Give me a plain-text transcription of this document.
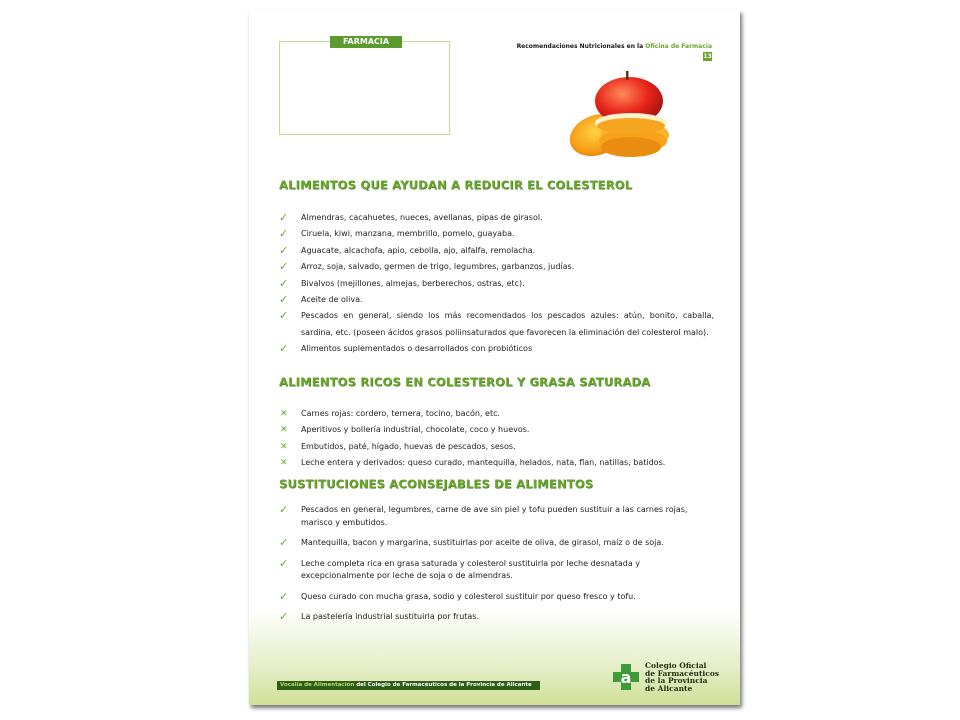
FARMACIA
Recomendaciones Nutricionales en la Oficina de Farmacia
13
ALIMENTOS QUE AYUDAN A REDUCIR EL COLESTEROL
✓ Almendras, cacahuetes, nueces, avellanas, pipas de girasol.
✓ Ciruela, kiwi, manzana, membrillo, pomelo, guayaba.
✓ Aguacate, alcachofa, apio, cebolla, ajo, alfalfa, remolacha.
✓ Arroz, soja, salvado, germen de trigo, legumbres, garbanzos, judías.
✓ Bivalvos (mejillones, almejas, berberechos, ostras, etc).
✓ Aceite de oliva.
✓ Pescados en general, siendo los más recomendados los pescados azules: atún, bonito, caballa, sardina, etc. (poseen ácidos grasos poliinsaturados que favorecen la eliminación del colesterol malo).
✓ Alimentos suplementados o desarrollados con probióticos
ALIMENTOS RICOS EN COLESTEROL Y GRASA SATURADA
✕ Carnes rojas: cordero, ternera, tocino, bacón, etc.
✕ Aperitivos y bollería industrial, chocolate, coco y huevos.
✕ Embutidos, paté, hígado, huevas de pescados, sesos.
✕ Leche entera y derivados: queso curado, mantequilla, helados, nata, flan, natillas, batidos.
SUSTITUCIONES ACONSEJABLES DE ALIMENTOS
✓ Pescados en general, legumbres, carne de ave sin piel y tofu pueden sustituir a las carnes rojas, marisco y embutidos.
✓ Mantequilla, bacon y margarina, sustituirlas por aceite de oliva, de girasol, maíz o de soja.
✓ Leche completa rica en grasa saturada y colesterol sustituirla por leche desnatada y excepcionalmente por leche de soja o de almendras.
✓ Queso curado con mucha grasa, sodio y colesterol sustituir por queso fresco y tofu.
✓ La pastelería industrial sustituirla por frutas.
Vocalía de Alimentación del Colegio de Farmacéuticos de la Provincia de Alicante	a
Colegio Oficial
de Farmacéuticos
de la Provincia
de Alicante
